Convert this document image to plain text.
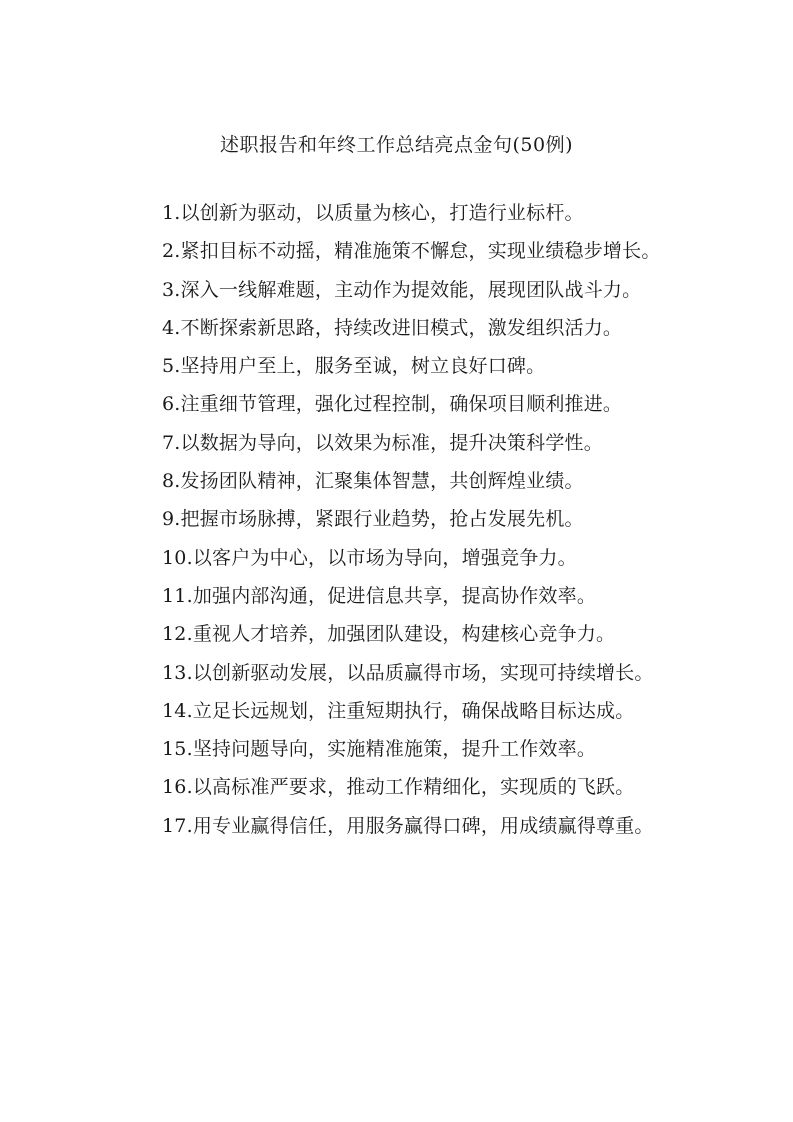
述职报告和年终工作总结亮点金句(50例)

1.以创新为驱动，以质量为核心，打造行业标杆。

2.紧扣目标不动摇，精准施策不懈怠，实现业绩稳步增长。

3.深入一线解难题，主动作为提效能，展现团队战斗力。

4.不断探索新思路，持续改进旧模式，激发组织活力。

5.坚持用户至上，服务至诚，树立良好口碑。

6.注重细节管理，强化过程控制，确保项目顺利推进。

7.以数据为导向，以效果为标准，提升决策科学性。

8.发扬团队精神，汇聚集体智慧，共创辉煌业绩。

9.把握市场脉搏，紧跟行业趋势，抢占发展先机。

10.以客户为中心，以市场为导向，增强竞争力。

11.加强内部沟通，促进信息共享，提高协作效率。

12.重视人才培养，加强团队建设，构建核心竞争力。

13.以创新驱动发展，以品质赢得市场，实现可持续增长。

14.立足长远规划，注重短期执行，确保战略目标达成。

15.坚持问题导向，实施精准施策，提升工作效率。

16.以高标准严要求，推动工作精细化，实现质的飞跃。

17.用专业赢得信任，用服务赢得口碑，用成绩赢得尊重。
